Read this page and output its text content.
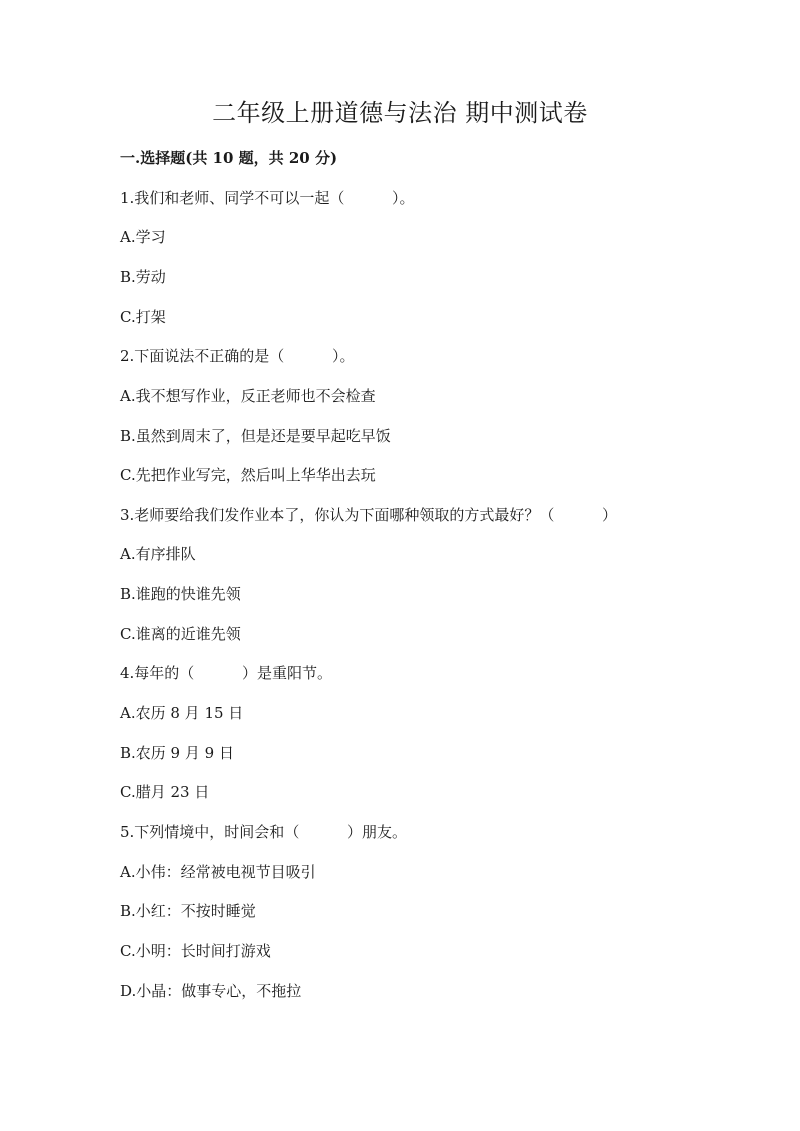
二年级上册道德与法治 期中测试卷
一.选择题(共 10 题，共 20 分)
1.我们和老师、同学不可以一起（          ）。
A.学习
B.劳动
C.打架
2.下面说法不正确的是（          ）。
A.我不想写作业，反正老师也不会检查
B.虽然到周末了，但是还是要早起吃早饭
C.先把作业写完，然后叫上华华出去玩
3.老师要给我们发作业本了，你认为下面哪种领取的方式最好？（          ）
A.有序排队
B.谁跑的快谁先领
C.谁离的近谁先领
4.每年的（          ）是重阳节。
A.农历 8 月 15 日
B.农历 9 月 9 日
C.腊月 23 日
5.下列情境中，时间会和（          ）朋友。
A.小伟：经常被电视节目吸引
B.小红：不按时睡觉
C.小明：长时间打游戏
D.小晶：做事专心，不拖拉
